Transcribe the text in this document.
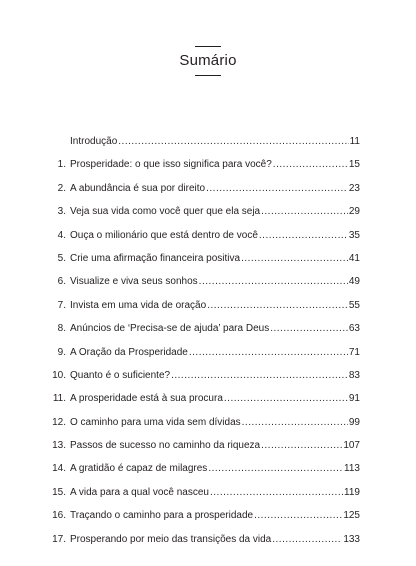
Sumário
Introdução .....	11
1. Prosperidade: o que isso significa para você? .....	15
2. A abundância é sua por direito .....	23
3. Veja sua vida como você quer que ela seja .....	29
4. Ouça o milionário que está dentro de você .....	35
5. Crie uma afirmação financeira positiva .....	41
6. Visualize e viva seus sonhos .....	49
7. Invista em uma vida de oração .....	55
8. Anúncios de ‘Precisa-se de ajuda’ para Deus .....	63
9. A Oração da Prosperidade .....	71
10. Quanto é o suficiente? .....	83
11. A prosperidade está à sua procura .....	91
12. O caminho para uma vida sem dívidas .....	99
13. Passos de sucesso no caminho da riqueza .....	107
14. A gratidão é capaz de milagres .....	113
15. A vida para a qual você nasceu .....	119
16. Traçando o caminho para a prosperidade .....	125
17. Prosperando por meio das transições da vida .....	133
